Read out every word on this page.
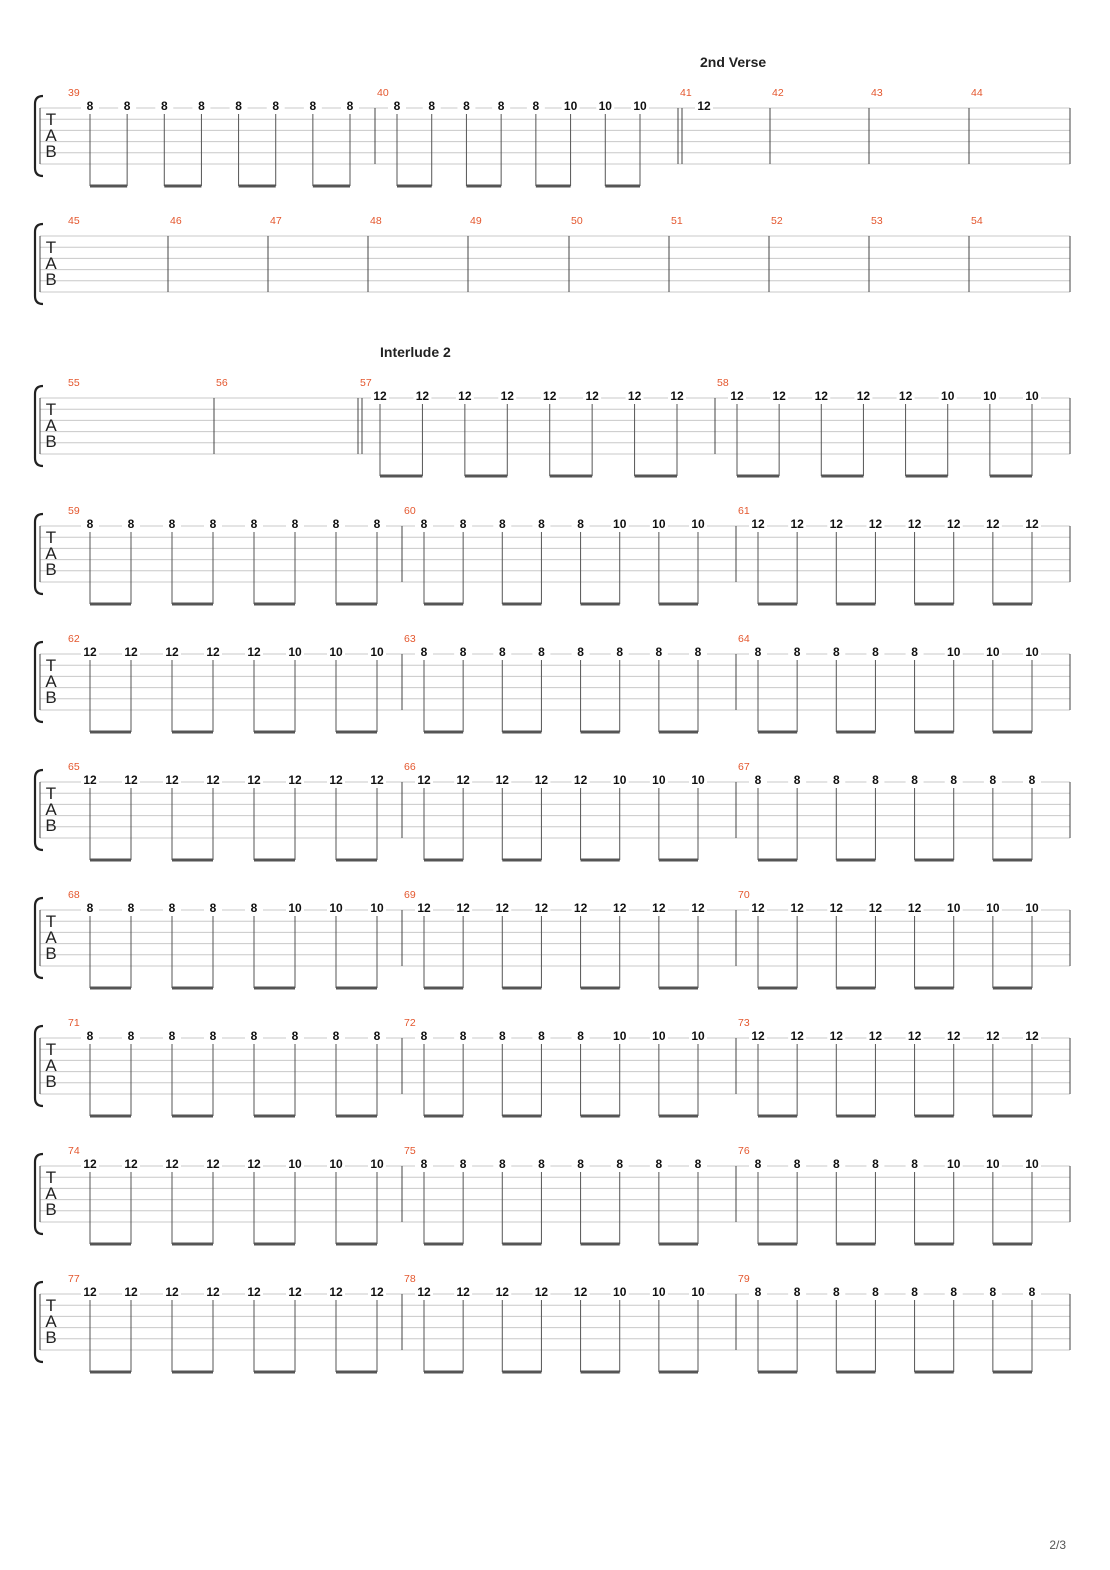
T
A
B
39
8	8	8	8	8	8	8	8
40
8 8 8 8 8 10 10 10
41
12
42	43	44
T
A
B
45	46	47	48	49	50	51	52	53	54
T
A
B
55	56	57
12 12 12 12 12 12 12 12
58
12 12 12 12 12 10 10 10
T
A
B
59
8	8	8	8	8	8	8	8
60
8	8	8	8	8 10 10 10
61
12 12 12 12 12 12 12 12
T
A
B
62
12 12 12 12 12 10 10 10
63
8	8	8	8	8	8	8	8
64
8	8	8	8	8 10 10 10
T
A
B
65
12 12 12 12 12 12 12 12
66
12 12 12 12 12 10 10 10
67
8	8	8	8	8	8	8	8
T
A
B
68
8	8	8	8	8	10 10 10
69
12 12 12 12 12 12 12 12
70
12 12 12 12 12 10 10 10
T
A
B
71
8	8	8	8	8	8	8	8
72
8	8	8	8	8 10 10 10
73
12 12 12 12 12 12 12 12
T
A
B
74
12 12 12 12 12 10 10 10
75
8	8	8	8	8	8	8	8
76
8	8	8	8	8 10 10 10
T
A
B
77
12 12 12 12 12 12 12 12
78
12 12 12 12 12 10 10 10
79
8	8	8	8	8	8	8	8
2nd Verse
Interlude 2
2/3
